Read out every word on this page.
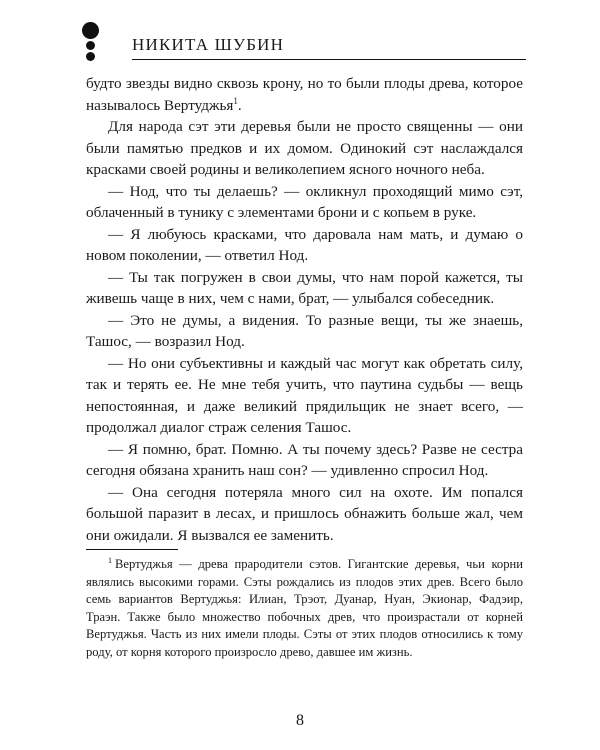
НИКИТА ШУБИН

будто звезды видно сквозь крону, но то были плоды древа, которое называлось Вертуджья$^1$.

Для народа сэт эти деревья были не просто священны — они были памятью предков и их домом. Одинокий сэт наслаждался красками своей родины и великолепием ясного ночного неба.

— Нод, что ты делаешь? — окликнул проходящий мимо сэт, облаченный в тунику с элементами брони и с копьем в руке.

— Я любуюсь красками, что даровала нам мать, и думаю о новом поколении, — ответил Нод.

— Ты так погружен в свои думы, что нам порой кажется, ты живешь чаще в них, чем с нами, брат, — улыбался собеседник.

— Это не думы, а видения. То разные вещи, ты же знаешь, Ташос, — возразил Нод.

— Но они субъективны и каждый час могут как обретать силу, так и терять ее. Не мне тебя учить, что паутина судьбы — вещь непостоянная, и даже великий прядильщик не знает всего, — продолжал диалог страж селения Ташос.

— Я помню, брат. Помню. А ты почему здесь? Разве не сестра сегодня обязана хранить наш сон? — удивленно спросил Нод.

— Она сегодня потеряла много сил на охоте. Им попался большой паразит в лесах, и пришлось обнажить больше жал, чем они ожидали. Я вызвался ее заменить.

$^1$ Вертуджья — древа прародители сэтов. Гигантские деревья, чьи корни являлись высокими горами. Сэты рождались из плодов этих древ. Всего было семь вариантов Вертуджья: Илиан, Трэот, Дуанар, Нуан, Экионар, Фадэир, Траэн. Также было множество побочных древ, что произрастали от корней Вертуджья. Часть из них имели плоды. Сэты от этих плодов относились к тому роду, от корня которого произросло древо, давшее им жизнь.

8
